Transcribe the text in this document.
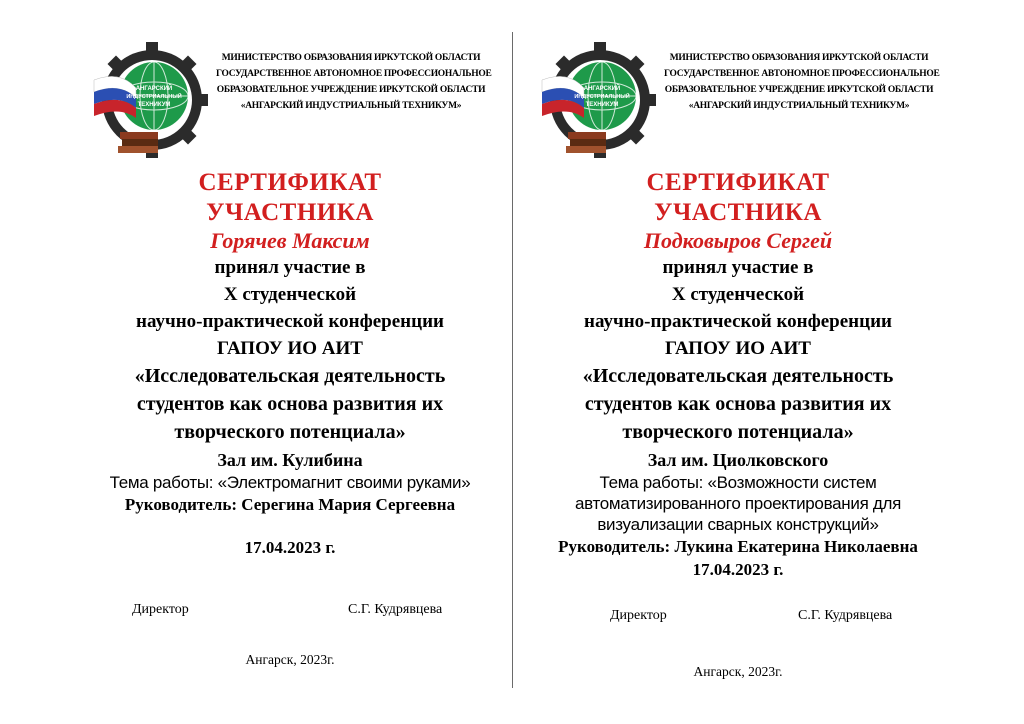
АНГАРСКИЙ
ИНДУСТРИАЛЬНЫЙ
ТЕХНИКУМ
МИНИСТЕРСТВО ОБРАЗОВАНИЯ ИРКУТСКОЙ ОБЛАСТИ
ГОСУДАРСТВЕННОЕ АВТОНОМНОЕ ПРОФЕССИОНАЛЬНОЕ
ОБРАЗОВАТЕЛЬНОЕ УЧРЕЖДЕНИЕ ИРКУТСКОЙ ОБЛАСТИ
«АНГАРСКИЙ ИНДУСТРИАЛЬНЫЙ ТЕХНИКУМ»
СЕРТИФИКАТ
УЧАСТНИКА
Горячев Максим
принял участие в
X студенческой
научно-практической конференции
ГАПОУ ИО АИТ
«Исследовательская деятельность
студентов как основа развития их
творческого потенциала»
Зал им. Кулибина
Тема работы: «Электромагнит своими руками»
Руководитель: Серегина Мария Сергеевна
17.04.2023 г.
Директор	С.Г. Кудрявцева
Ангарск, 2023г.
АНГАРСКИЙ
ИНДУСТРИАЛЬНЫЙ
ТЕХНИКУМ
МИНИСТЕРСТВО ОБРАЗОВАНИЯ ИРКУТСКОЙ ОБЛАСТИ
ГОСУДАРСТВЕННОЕ АВТОНОМНОЕ ПРОФЕССИОНАЛЬНОЕ
ОБРАЗОВАТЕЛЬНОЕ УЧРЕЖДЕНИЕ ИРКУТСКОЙ ОБЛАСТИ
«АНГАРСКИЙ ИНДУСТРИАЛЬНЫЙ ТЕХНИКУМ»
СЕРТИФИКАТ
УЧАСТНИКА
Подковыров Сергей
принял участие в
X студенческой
научно-практической конференции
ГАПОУ ИО АИТ
«Исследовательская деятельность
студентов как основа развития их
творческого потенциала»
Зал им. Циолковского
Тема работы: «Возможности систем
автоматизированного проектирования для
визуализации сварных конструкций»
Руководитель: Лукина Екатерина Николаевна
17.04.2023 г.
Директор	С.Г. Кудрявцева
Ангарск, 2023г.
